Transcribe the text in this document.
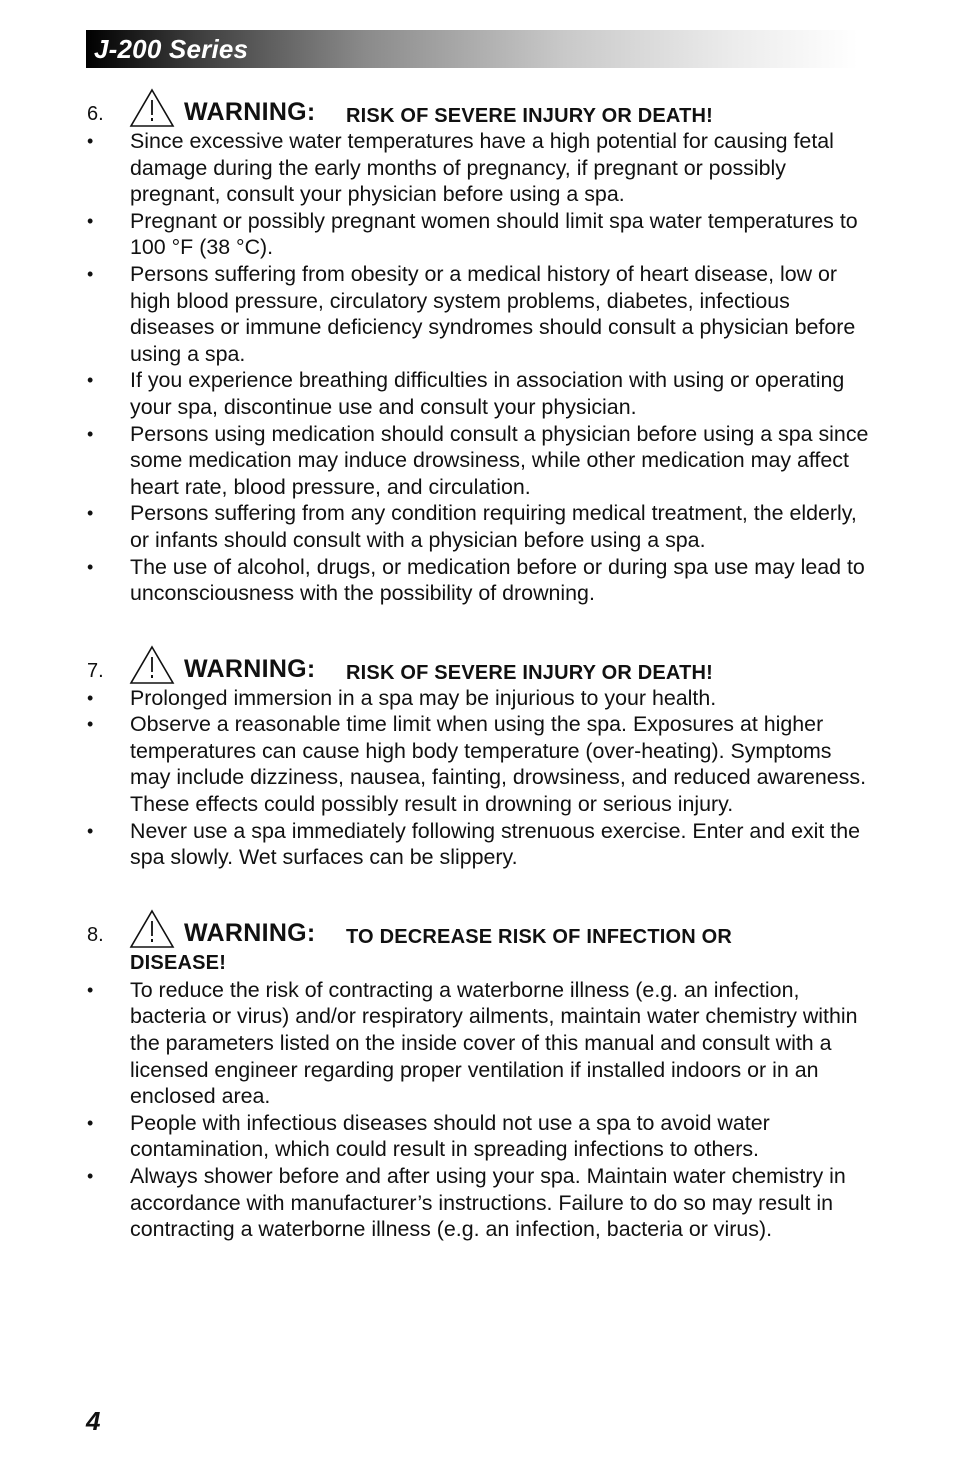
J-200 Series
6.	WARNING: RISK OF SEVERE INJURY OR DEATH!
• Since excessive water temperatures have a high potential for causing fetal damage during the early months of pregnancy, if pregnant or possibly pregnant, consult your physician before using a spa.
• Pregnant or possibly pregnant women should limit spa water temperatures to 100 °F (38 °C).
• Persons suffering from obesity or a medical history of heart disease, low or high blood pressure, circulatory system problems, diabetes, infectious diseases or immune deficiency syndromes should consult a physician before using a spa.
• If you experience breathing difficulties in association with using or operating your spa, discontinue use and consult your physician.
• Persons using medication should consult a physician before using a spa since some medication may induce drowsiness, while other medication may affect heart rate, blood pressure, and circulation.
• Persons suffering from any condition requiring medical treatment, the elderly, or infants should consult with a physician before using a spa.
• The use of alcohol, drugs, or medication before or during spa use may lead to unconsciousness with the possibility of drowning.
7.	WARNING: RISK OF SEVERE INJURY OR DEATH!
• Prolonged immersion in a spa may be injurious to your health.
• Observe a reasonable time limit when using the spa. Exposures at higher temperatures can cause high body temperature (over-heating). Symptoms may include dizziness, nausea, fainting, drowsiness, and reduced awareness. These effects could possibly result in drowning or serious injury.
• Never use a spa immediately following strenuous exercise. Enter and exit the spa slowly. Wet surfaces can be slippery.
8.	WARNING: TO DECREASE RISK OF INFECTION OR
DISEASE!
• To reduce the risk of contracting a waterborne illness (e.g. an infection, bacteria or virus) and/or respiratory ailments, maintain water chemistry within the parameters listed on the inside cover of this manual and consult with a licensed engineer regarding proper ventilation if installed indoors or in an enclosed area.
• People with infectious diseases should not use a spa to avoid water contamination, which could result in spreading infections to others.
• Always shower before and after using your spa. Maintain water chemistry in accordance with manufacturer’s instructions. Failure to do so may result in contracting a waterborne illness (e.g. an infection, bacteria or virus).
4
